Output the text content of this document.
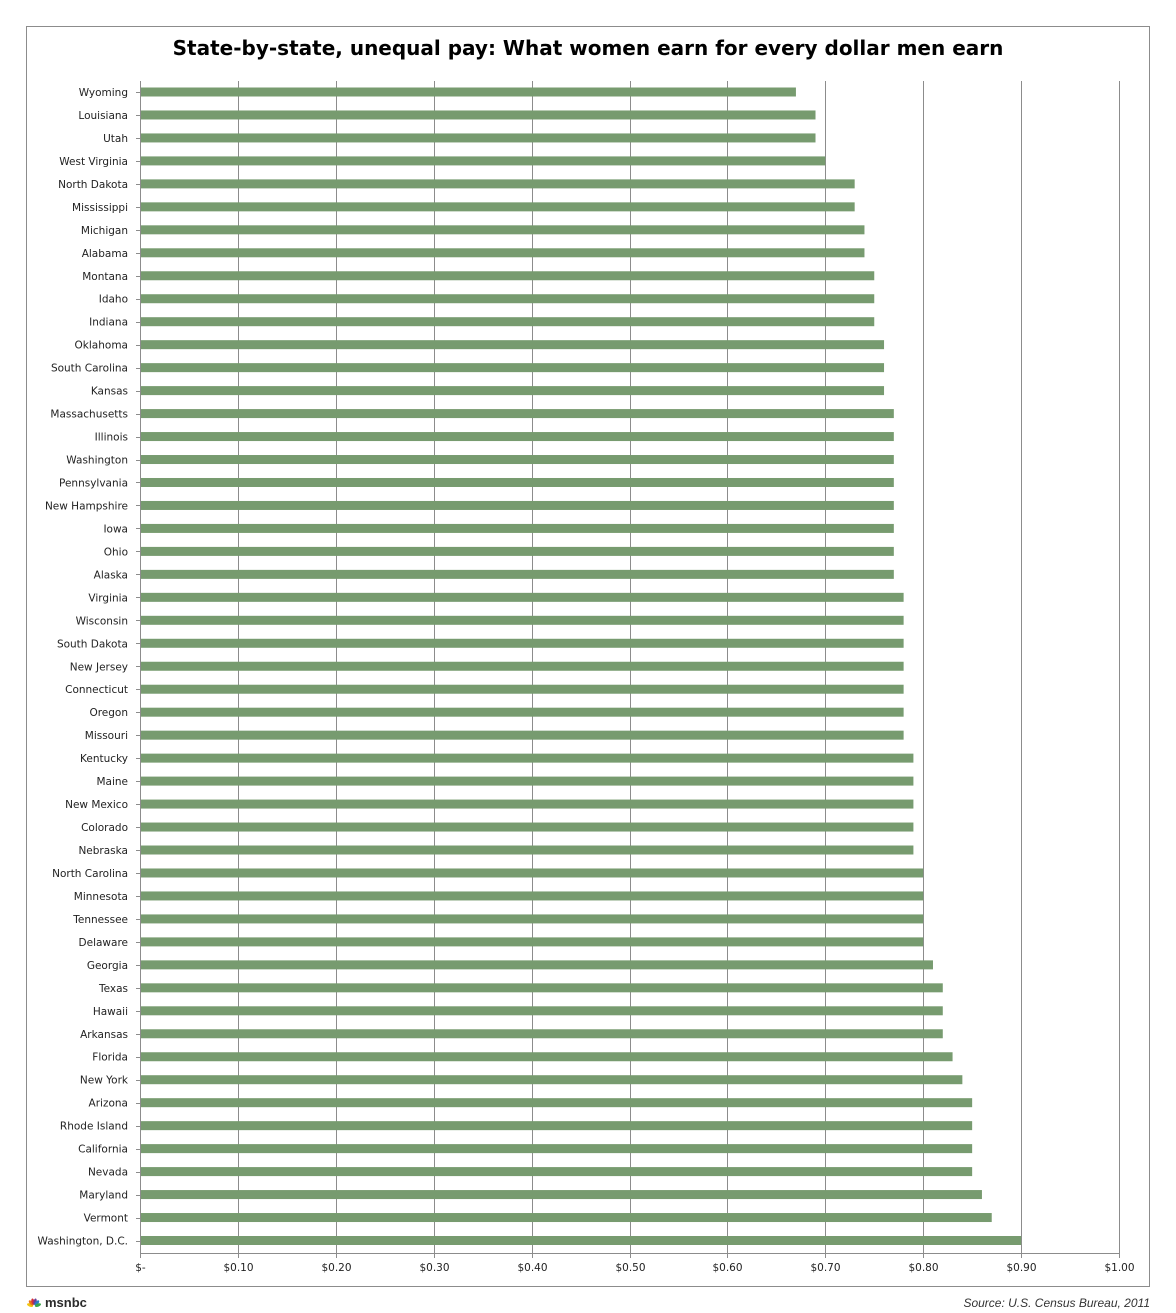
State-by-state, unequal pay: What women earn for every dollar men earn
Wyoming
Louisiana
Utah
West Virginia
North Dakota
Mississippi
Michigan
Alabama
Montana
Idaho
Indiana
Oklahoma
South Carolina
Kansas
Massachusetts
Illinois
Washington
Pennsylvania
New Hampshire
Iowa
Ohio
Alaska
Virginia
Wisconsin
South Dakota
New Jersey
Connecticut
Oregon
Missouri
Kentucky
Maine
New Mexico
Colorado
Nebraska
North Carolina
Minnesota
Tennessee
Delaware
Georgia
Texas
Hawaii
Arkansas
Florida
New York
Arizona
Rhode Island
California
Nevada
Maryland
Vermont
Washington, D.C.
$-	$0.10	$0.20	$0.30	$0.40	$0.50	$0.60	$0.70	$0.80	$0.90	$1.00
msnbc	Source: U.S. Census Bureau, 2011
